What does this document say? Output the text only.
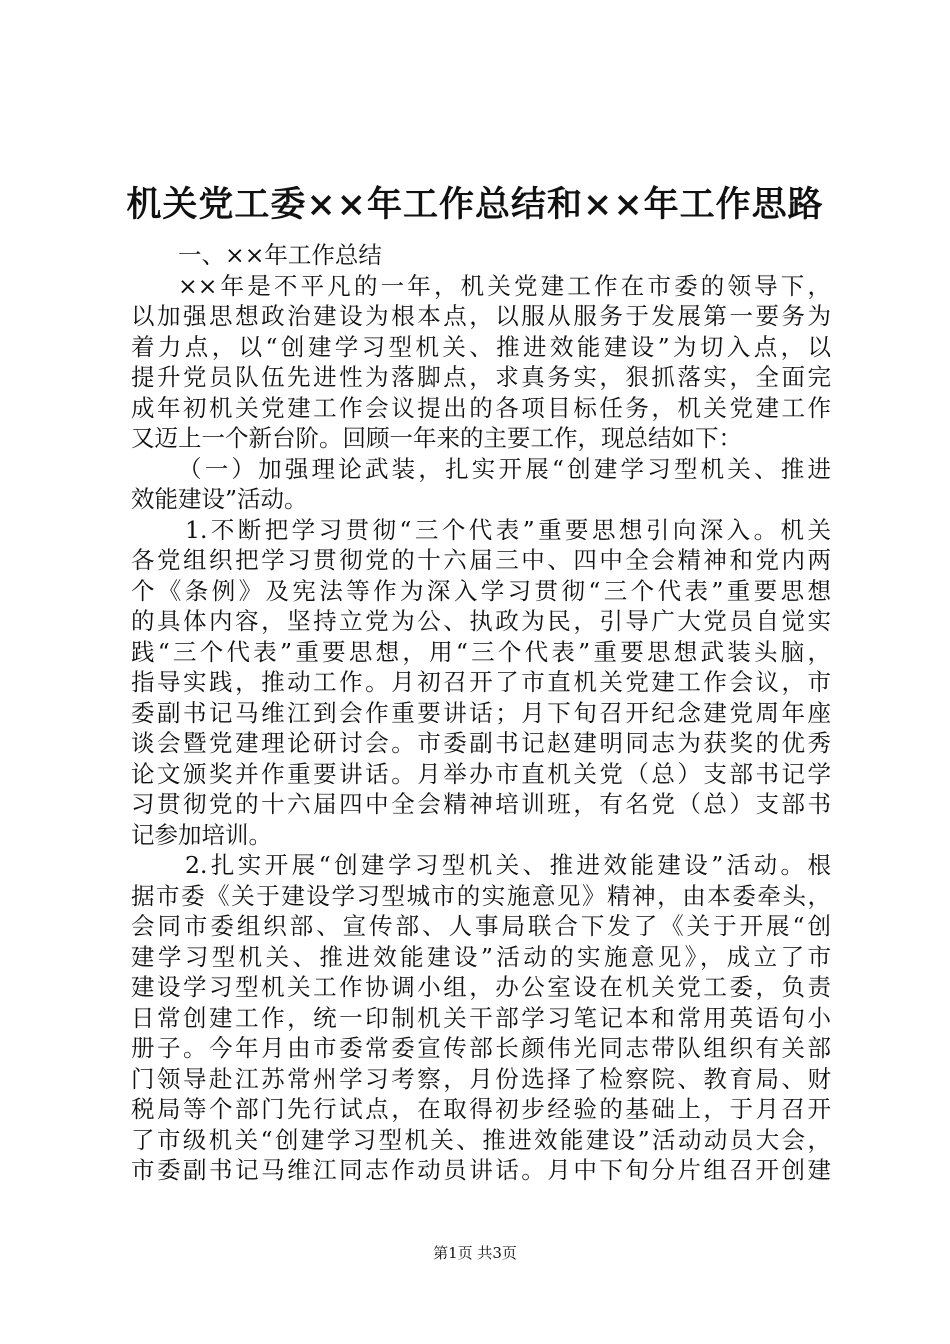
机关党工委××年工作总结和××年工作思路
一、××年工作总结
××年是不平凡的一年，机关党建工作在市委的领导下，
以加强思想政治建设为根本点，以服从服务于发展第一要务为
着力点，以“创建学习型机关、推进效能建设”为切入点，以
提升党员队伍先进性为落脚点，求真务实，狠抓落实，全面完
成年初机关党建工作会议提出的各项目标任务，机关党建工作
又迈上一个新台阶。回顾一年来的主要工作，现总结如下：
（一）加强理论武装，扎实开展“创建学习型机关、推进
效能建设”活动。
1.不断把学习贯彻“三个代表”重要思想引向深入。机关
各党组织把学习贯彻党的十六届三中、四中全会精神和党内两
个《条例》及宪法等作为深入学习贯彻“三个代表”重要思想
的具体内容，坚持立党为公、执政为民，引导广大党员自觉实
践“三个代表”重要思想，用“三个代表”重要思想武装头脑，
指导实践，推动工作。月初召开了市直机关党建工作会议，市
委副书记马维江到会作重要讲话；月下旬召开纪念建党周年座
谈会暨党建理论研讨会。市委副书记赵建明同志为获奖的优秀
论文颁奖并作重要讲话。月举办市直机关党（总）支部书记学
习贯彻党的十六届四中全会精神培训班，有名党（总）支部书
记参加培训。
2.扎实开展“创建学习型机关、推进效能建设”活动。根
据市委《关于建设学习型城市的实施意见》精神，由本委牵头，
会同市委组织部、宣传部、人事局联合下发了《关于开展“创
建学习型机关、推进效能建设”活动的实施意见》，成立了市
建设学习型机关工作协调小组，办公室设在机关党工委，负责
日常创建工作，统一印制机关干部学习笔记本和常用英语句小
册子。今年月由市委常委宣传部长颜伟光同志带队组织有关部
门领导赴江苏常州学习考察，月份选择了检察院、教育局、财
税局等个部门先行试点，在取得初步经验的基础上，于月召开
了市级机关“创建学习型机关、推进效能建设”活动动员大会，
市委副书记马维江同志作动员讲话。月中下旬分片组召开创建
第1页 共3页
